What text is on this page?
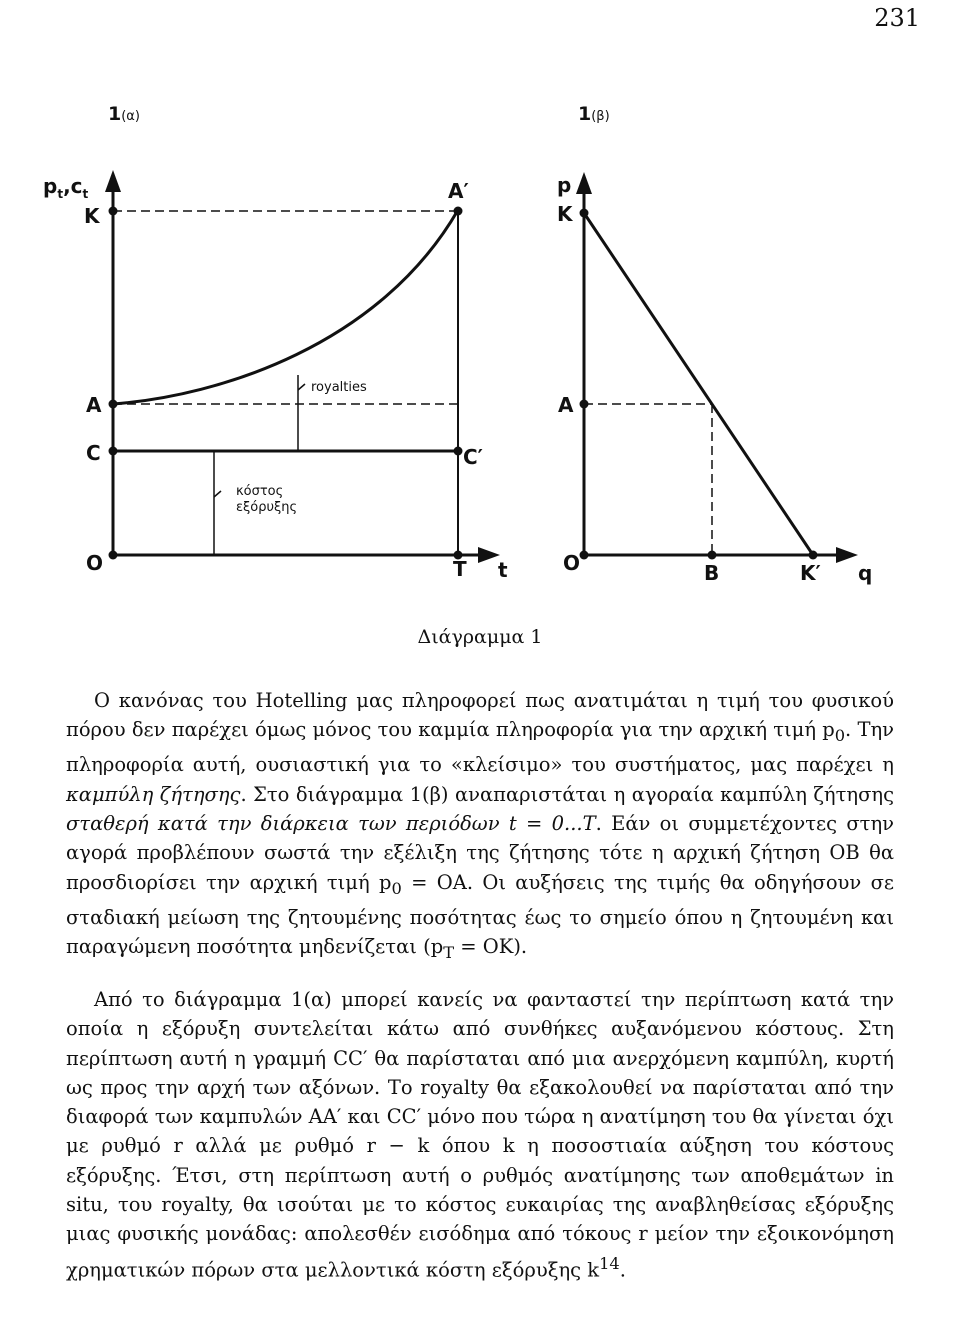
231
1(α)	1(β)
$p_t,c_t$
K
A′
A
C	C′
O	T t
royalties
κόστος
εξόρυξης
p
K
A
O	B	K′ q
Διάγραμμα 1

Ο κανόνας του Hotelling μας πληροφορεί πως ανατιμάται η τιμή του φυσικού πόρου δεν παρέχει όμως μόνος του καμμία πληροφορία για την αρχική τιμή $p_0$. Την πληροφορία αυτή, ουσιαστική για το «κλείσιμο» του συστήματος, μας παρέχει η καμπύλη ζήτησης. Στο διάγραμμα 1(β) αναπαριστάται η αγοραία καμπύλη ζήτησης σταθερή κατά την διάρκεια των περιόδων t = 0...T. Εάν οι συμμετέχοντες στην αγορά προβλέπουν σωστά την εξέλιξη της ζήτησης τότε η αρχική ζήτηση OB θα προσδιορίσει την αρχική τιμή $p_0$ = OA. Οι αυξήσεις της τιμής θα οδηγήσουν σε σταδιακή μείωση της ζητουμένης ποσότητας έως το σημείο όπου η ζητουμένη και παραγώμενη ποσότητα μηδενίζεται $(p_T = OK)$.

Από το διάγραμμα 1(α) μπορεί κανείς να φανταστεί την περίπτωση κατά την οποία η εξόρυξη συντελείται κάτω από συνθήκες αυξανόμενου κόστους. Στη περίπτωση αυτή η γραμμή CC′ θα παρίσταται από μια ανερχόμενη καμπύλη, κυρτή ως προς την αρχή των αξόνων. Το royalty θα εξακολουθεί να παρίσταται από την διαφορά των καμπυλών AA′ και CC′ μόνο που τώρα η ανατίμηση του θα γίνεται όχι με ρυθμό r αλλά με ρυθμό r − k όπου k η ποσοστιαία αύξηση του κόστους εξόρυξης. Έτσι, στη περίπτωση αυτή ο ρυθμός ανατίμησης των αποθεμάτων in situ, του royalty, θα ισούται με το κόστος ευκαιρίας της αναβληθείσας εξόρυξης μιας φυσικής μονάδας: απολεσθέν εισόδημα από τόκους r μείον την εξοικονόμηση χρηματικών πόρων στα μελλοντικά κόστη εξόρυξης $k^{14}$.
